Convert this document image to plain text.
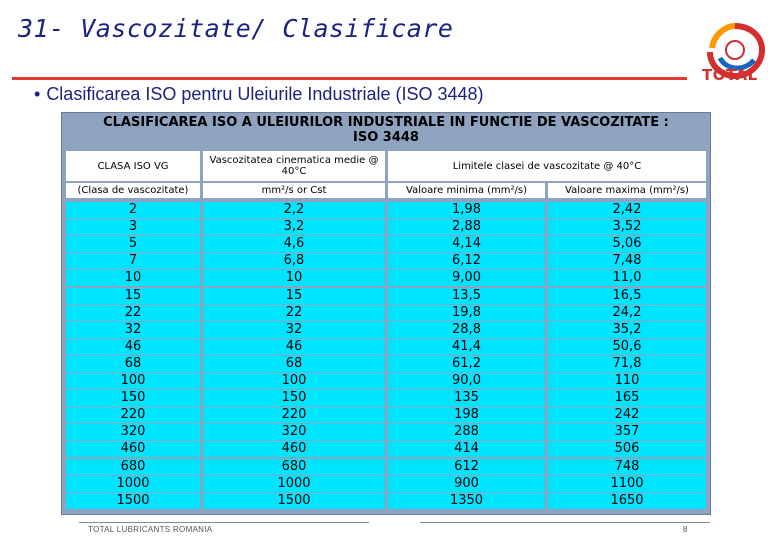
31- Vascozitate/ Clasificare
TOTAL
• Clasificarea ISO pentru Uleiurile Industriale (ISO 3448)
CLASIFICAREA ISO A ULEIURILOR INDUSTRIALE IN FUNCTIE DE VASCOZITATE :
ISO 3448
CLASA ISO VG	Vascozitatea cinematica medie @ 40°C	Limitele clasei de vascozitate @ 40°C
(Clasa de vascozitate)	mm²/s or Cst	Valoare minima (mm²/s)	Valoare maxima (mm²/s)
2	2,2	1,98	2,42
3	3,2	2,88	3,52
5	4,6	4,14	5,06
7	6,8	6,12	7,48
10	10	9,00	11,0
15	15	13,5	16,5
22	22	19,8	24,2
32	32	28,8	35,2
46	46	41,4	50,6
68	68	61,2	71,8
100	100	90,0	110
150	150	135	165
220	220	198	242
320	320	288	357
460	460	414	506
680	680	612	748
1000	1000	900	1100
1500	1500	1350	1650
TOTAL LUBRICANTS ROMANIA	8
